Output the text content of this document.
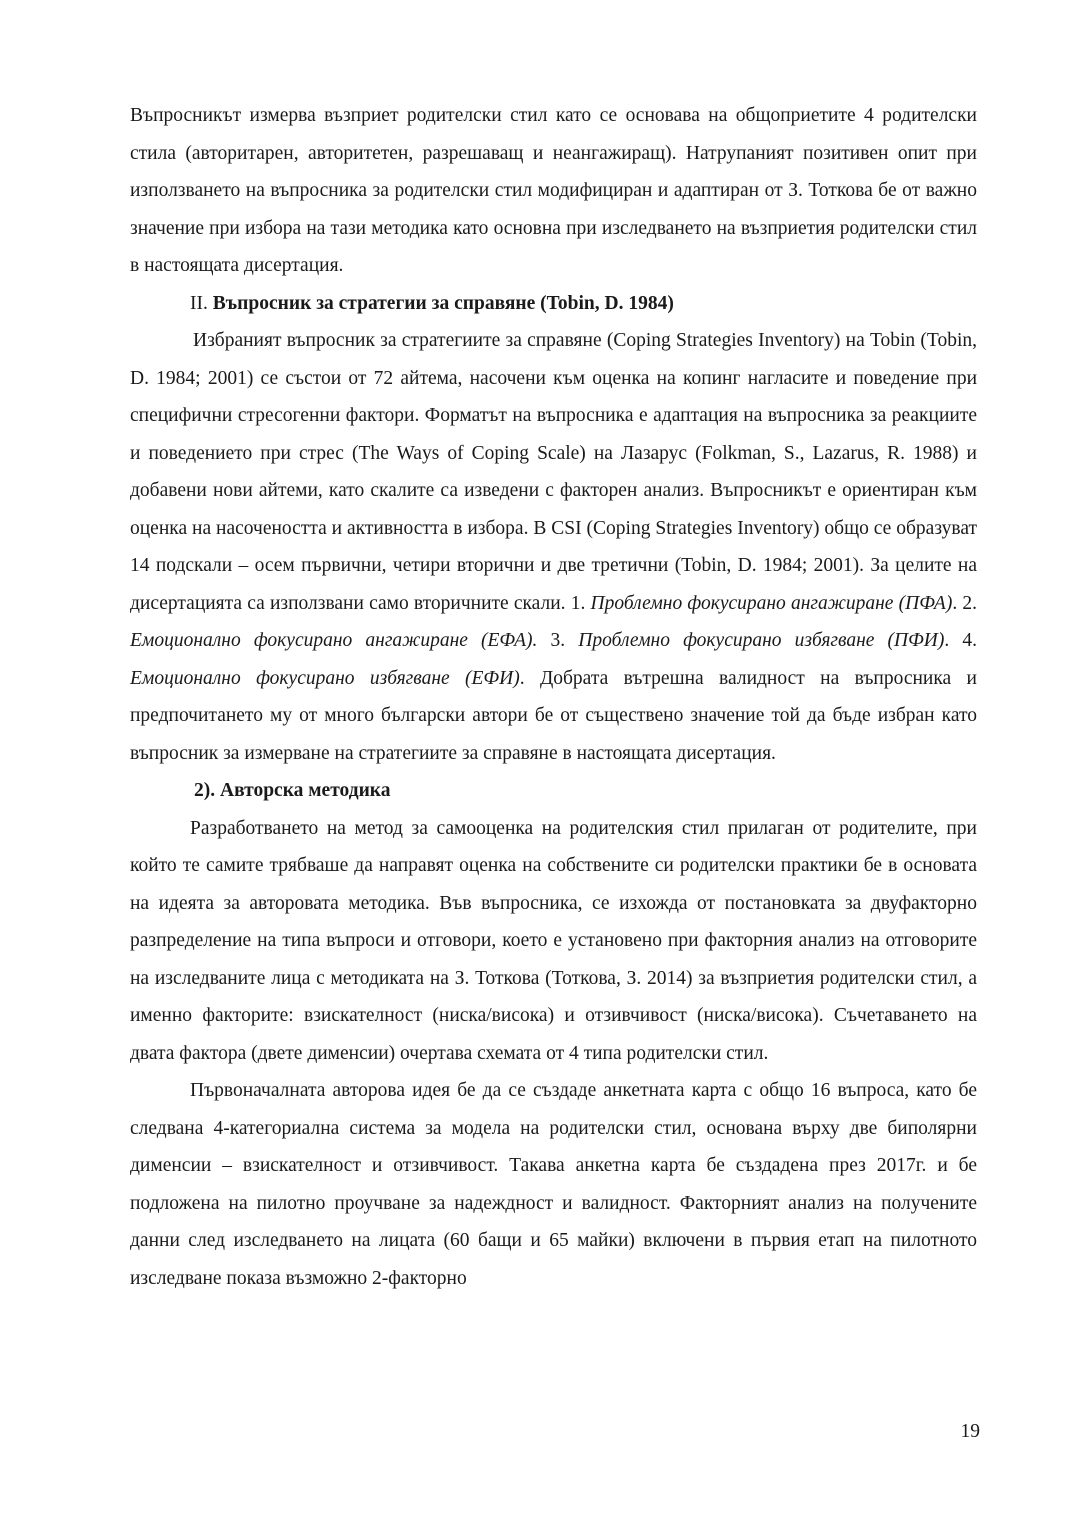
Въпросникът измерва възприет родителски стил като се основава на общоприетите 4 родителски стила (авторитарен, авторитетен, разрешаващ и неангажиращ). Натрупаният позитивен опит при използването на въпросника за родителски стил модифициран и адаптиран от З. Тоткова бе от важно значение при избора на тази методика като основна при изследването на възприетия родителски стил в настоящата дисертация.

II. Въпросник за стратегии за справяне (Tobin, D. 1984)

Избраният въпросник за стратегиите за справяне (Coping Strategies Inventory) на Tobin (Tobin, D. 1984; 2001) се състои от 72 айтема, насочени към оценка на копинг нагласите и поведение при специфични стресогенни фактори. Форматът на въпросника е адаптация на въпросника за реакциите и поведението при стрес (The Ways of Coping Scale) на Лазарус (Folkman, S., Lazarus, R. 1988) и добавени нови айтеми, като скалите са изведени с факторен анализ. Въпросникът е ориентиран към оценка на насочеността и активността в избора. В CSI (Coping Strategies Inventory) общо се образуват 14 подскали – осем първични, четири вторични и две третични (Tobin, D. 1984; 2001). За целите на дисертацията са използвани само вторичните скали. 1. Проблемно фокусирано ангажиране (ПФА). 2. Емоционално фокусирано ангажиране (ЕФА). 3. Проблемно фокусирано избягване (ПФИ). 4. Емоционално фокусирано избягване (ЕФИ). Добрата вътрешна валидност на въпросника и предпочитането му от много български автори бе от съществено значение той да бъде избран като въпросник за измерване на стратегиите за справяне в настоящата дисертация.

2). Авторска методика

Разработването на метод за самооценка на родителския стил прилаган от родителите, при който те самите трябваше да направят оценка на собствените си родителски практики бе в основата на идеята за авторовата методика. Във въпросника, се изхожда от постановката за двуфакторно разпределение на типа въпроси и отговори, което е установено при факторния анализ на отговорите на изследваните лица с методиката на З. Тоткова (Тоткова, З. 2014) за възприетия родителски стил, а именно факторите: взискателност (ниска/висока) и отзивчивост (ниска/висока). Съчетаването на двата фактора (двете дименсии) очертава схемата от 4 типа родителски стил.

Първоначалната авторова идея бе да се създаде анкетната карта с общо 16 въпроса, като бе следвана 4-категориална система за модела на родителски стил, основана върху две биполярни дименсии – взискателност и отзивчивост. Такава анкетна карта бе създадена през 2017г. и бе подложена на пилотно проучване за надеждност и валидност. Факторният анализ на получените данни след изследването на лицата (60 бащи и 65 майки) включени в първия етап на пилотното изследване показа възможно 2-факторно

19
